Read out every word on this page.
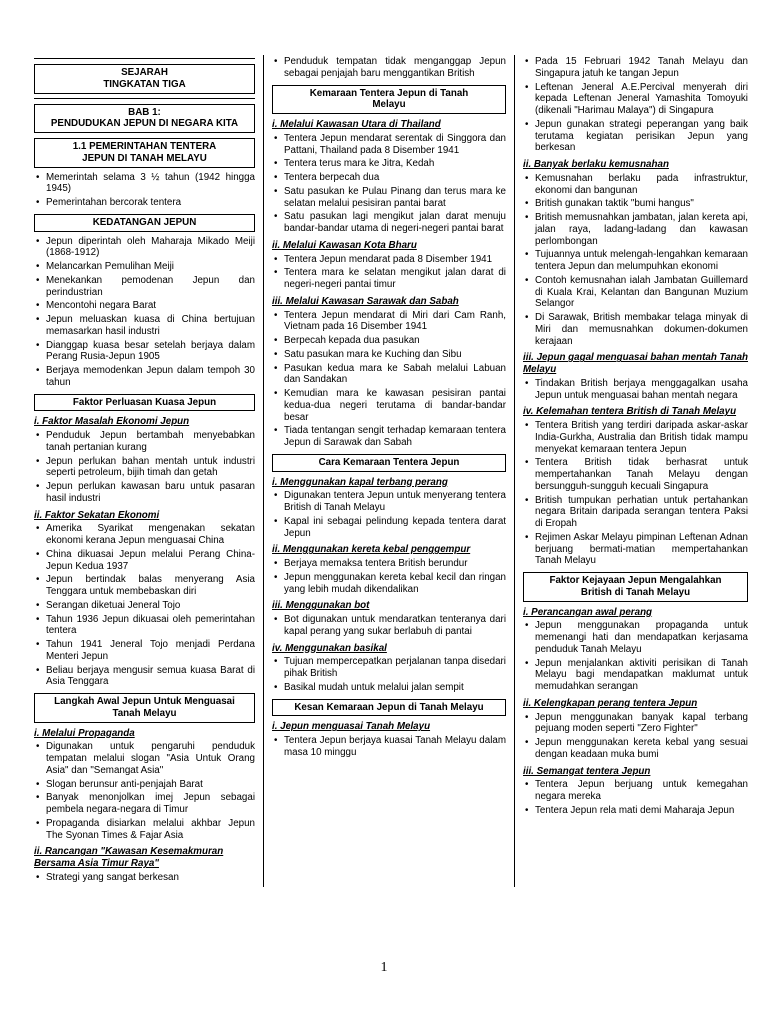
SEJARAH
TINGKATAN TIGA
BAB 1:
PENDUDUKAN JEPUN DI NEGARA KITA
1.1 PEMERINTAHAN TENTERA
JEPUN DI TANAH MELAYU
• Memerintah selama 3 ½ tahun (1942 hingga 1945)
• Pemerintahan bercorak tentera
KEDATANGAN JEPUN
• Jepun diperintah oleh Maharaja Mikado Meiji (1868-1912)
• Melancarkan Pemulihan Meiji
• Menekankan pemodenan Jepun dan perindustrian
• Mencontohi negara Barat
• Jepun meluaskan kuasa di China bertujuan memasarkan hasil industri
• Dianggap kuasa besar setelah berjaya dalam Perang Rusia-Jepun 1905
• Berjaya memodenkan Jepun dalam tempoh 30 tahun
Faktor Perluasan Kuasa Jepun
i. Faktor Masalah Ekonomi Jepun
• Penduduk Jepun bertambah menyebabkan tanah pertanian kurang
• Jepun perlukan bahan mentah untuk industri seperti petroleum, bijih timah dan getah
• Jepun perlukan kawasan baru untuk pasaran hasil industri
ii. Faktor Sekatan Ekonomi
• Amerika Syarikat mengenakan sekatan ekonomi kerana Jepun menguasai China
• China dikuasai Jepun melalui Perang China-Jepun Kedua 1937
• Jepun bertindak balas menyerang Asia Tenggara untuk membebaskan diri
• Serangan diketuai Jeneral Tojo
• Tahun 1936 Jepun dikuasai oleh pemerintahan tentera
• Tahun 1941 Jeneral Tojo menjadi Perdana Menteri Jepun
• Beliau berjaya mengusir semua kuasa Barat di Asia Tenggara
Langkah Awal Jepun Untuk Menguasai
Tanah Melayu
i. Melalui Propaganda
• Digunakan untuk pengaruhi penduduk tempatan melalui slogan "Asia Untuk Orang Asia" dan "Semangat Asia"
• Slogan berunsur anti-penjajah Barat
• Banyak menonjolkan imej Jepun sebagai pembela negara-negara di Timur
• Propaganda disiarkan melalui akhbar Jepun The Syonan Times & Fajar Asia
ii. Rancangan "Kawasan Kesemakmuran Bersama Asia Timur Raya"
• Strategi yang sangat berkesan
• Penduduk tempatan tidak menganggap Jepun sebagai penjajah baru menggantikan British
Kemaraan Tentera Jepun di Tanah
Melayu
i. Melalui Kawasan Utara di Thailand
• Tentera Jepun mendarat serentak di Singgora dan Pattani, Thailand pada 8 Disember 1941
• Tentera terus mara ke Jitra, Kedah
• Tentera berpecah dua
• Satu pasukan ke Pulau Pinang dan terus mara ke selatan melalui pesisiran pantai barat
• Satu pasukan lagi mengikut jalan darat menuju bandar-bandar utama di negeri-negeri pantai barat
ii. Melalui Kawasan Kota Bharu
• Tentera Jepun mendarat pada 8 Disember 1941
• Tentera mara ke selatan mengikut jalan darat di negeri-negeri pantai timur
iii. Melalui Kawasan Sarawak dan Sabah
• Tentera Jepun mendarat di Miri dari Cam Ranh, Vietnam pada 16 Disember 1941
• Berpecah kepada dua pasukan
• Satu pasukan mara ke Kuching dan Sibu
• Pasukan kedua mara ke Sabah melalui Labuan dan Sandakan
• Kemudian mara ke kawasan pesisiran pantai kedua-dua negeri terutama di bandar-bandar besar
• Tiada tentangan sengit terhadap kemaraan tentera Jepun di Sarawak dan Sabah
Cara Kemaraan Tentera Jepun
i. Menggunakan kapal terbang perang
• Digunakan tentera Jepun untuk menyerang tentera British di Tanah Melayu
• Kapal ini sebagai pelindung kepada tentera darat Jepun
ii. Menggunakan kereta kebal penggempur
• Berjaya memaksa tentera British berundur
• Jepun menggunakan kereta kebal kecil dan ringan yang lebih mudah dikendalikan
iii. Menggunakan bot
• Bot digunakan untuk mendaratkan tenteranya dari kapal perang yang sukar berlabuh di pantai
iv. Menggunakan basikal
• Tujuan mempercepatkan perjalanan tanpa disedari pihak British
• Basikal mudah untuk melalui jalan sempit
Kesan Kemaraan Jepun di Tanah Melayu
i. Jepun menguasai Tanah Melayu
• Tentera Jepun berjaya kuasai Tanah Melayu dalam masa 10 minggu
• Pada 15 Februari 1942 Tanah Melayu dan Singapura jatuh ke tangan Jepun
• Leftenan Jeneral A.E.Percival menyerah diri kepada Leftenan Jeneral Yamashita Tomoyuki (dikenali "Harimau Malaya") di Singapura
• Jepun gunakan strategi peperangan yang baik terutama kegiatan perisikan Jepun yang berkesan
ii. Banyak berlaku kemusnahan
• Kemusnahan berlaku pada infrastruktur, ekonomi dan bangunan
• British gunakan taktik "bumi hangus"
• British memusnahkan jambatan, jalan kereta api, jalan raya, ladang-ladang dan kawasan perlombongan
• Tujuannya untuk melengah-lengahkan kemaraan tentera Jepun dan melumpuhkan ekonomi
• Contoh kemusnahan ialah Jambatan Guillemard di Kuala Krai, Kelantan dan Bangunan Muzium Selangor
• Di Sarawak, British membakar telaga minyak di Miri dan memusnahkan dokumen-dokumen kerajaan
iii. Jepun gagal menguasai bahan mentah Tanah Melayu
• Tindakan British berjaya menggagalkan usaha Jepun untuk menguasai bahan mentah negara
iv. Kelemahan tentera British di Tanah Melayu
• Tentera British yang terdiri daripada askar-askar India-Gurkha, Australia dan British tidak mampu menyekat kemaraan tentera Jepun
• Tentera British tidak berhasrat untuk mempertahankan Tanah Melayu dengan bersungguh-sungguh kecuali Singapura
• British tumpukan perhatian untuk pertahankan negara Britain daripada serangan tentera Paksi di Eropah
• Rejimen Askar Melayu pimpinan Leftenan Adnan berjuang bermati-matian mempertahankan Tanah Melayu
Faktor Kejayaan Jepun Mengalahkan
British di Tanah Melayu
i. Perancangan awal perang
• Jepun menggunakan propaganda untuk memenangi hati dan mendapatkan kerjasama penduduk Tanah Melayu
• Jepun menjalankan aktiviti perisikan di Tanah Melayu bagi mendapatkan maklumat untuk memudahkan serangan
ii. Kelengkapan perang tentera Jepun
• Jepun menggunakan banyak kapal terbang pejuang moden seperti "Zero Fighter"
• Jepun menggunakan kereta kebal yang sesuai dengan keadaan muka bumi
iii. Semangat tentera Jepun
• Tentera Jepun berjuang untuk kemegahan negara mereka
• Tentera Jepun rela mati demi Maharaja Jepun
1
